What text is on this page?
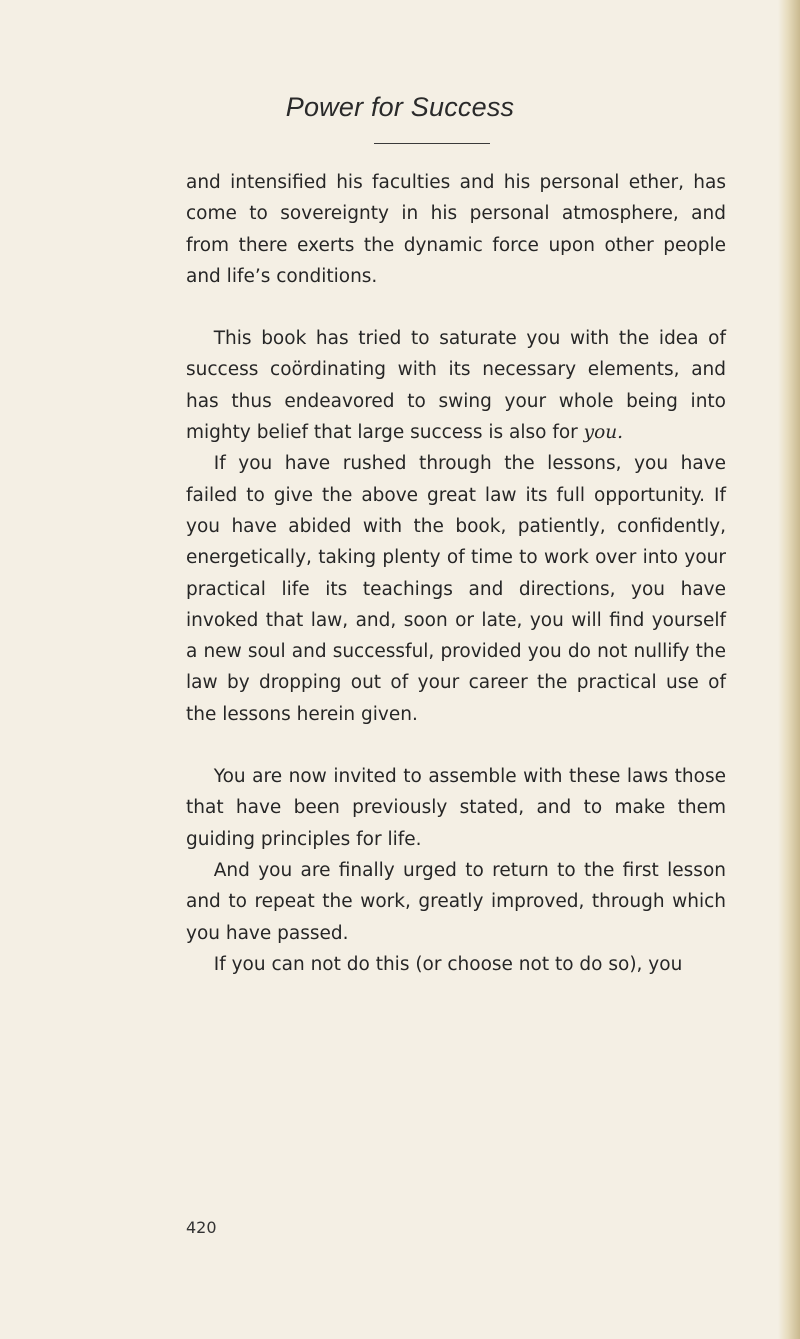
Power for Success

and intensified his faculties and his personal ether, has come to sovereignty in his personal atmosphere, and from there exerts the dynamic force upon other people and life’s conditions.

This book has tried to saturate you with the idea of success coördinating with its necessary elements, and has thus endeavored to swing your whole being into mighty belief that large success is also for you.

If you have rushed through the lessons, you have failed to give the above great law its full opportunity. If you have abided with the book, patiently, confidently, energetically, taking plenty of time to work over into your practical life its teachings and directions, you have invoked that law, and, soon or late, you will find yourself a new soul and successful, provided you do not nullify the law by dropping out of your career the practical use of the lessons herein given.

You are now invited to assemble with these laws those that have been previously stated, and to make them guiding principles for life.

And you are finally urged to return to the first lesson and to repeat the work, greatly improved, through which you have passed.

If you can not do this (or choose not to do so), you

420
